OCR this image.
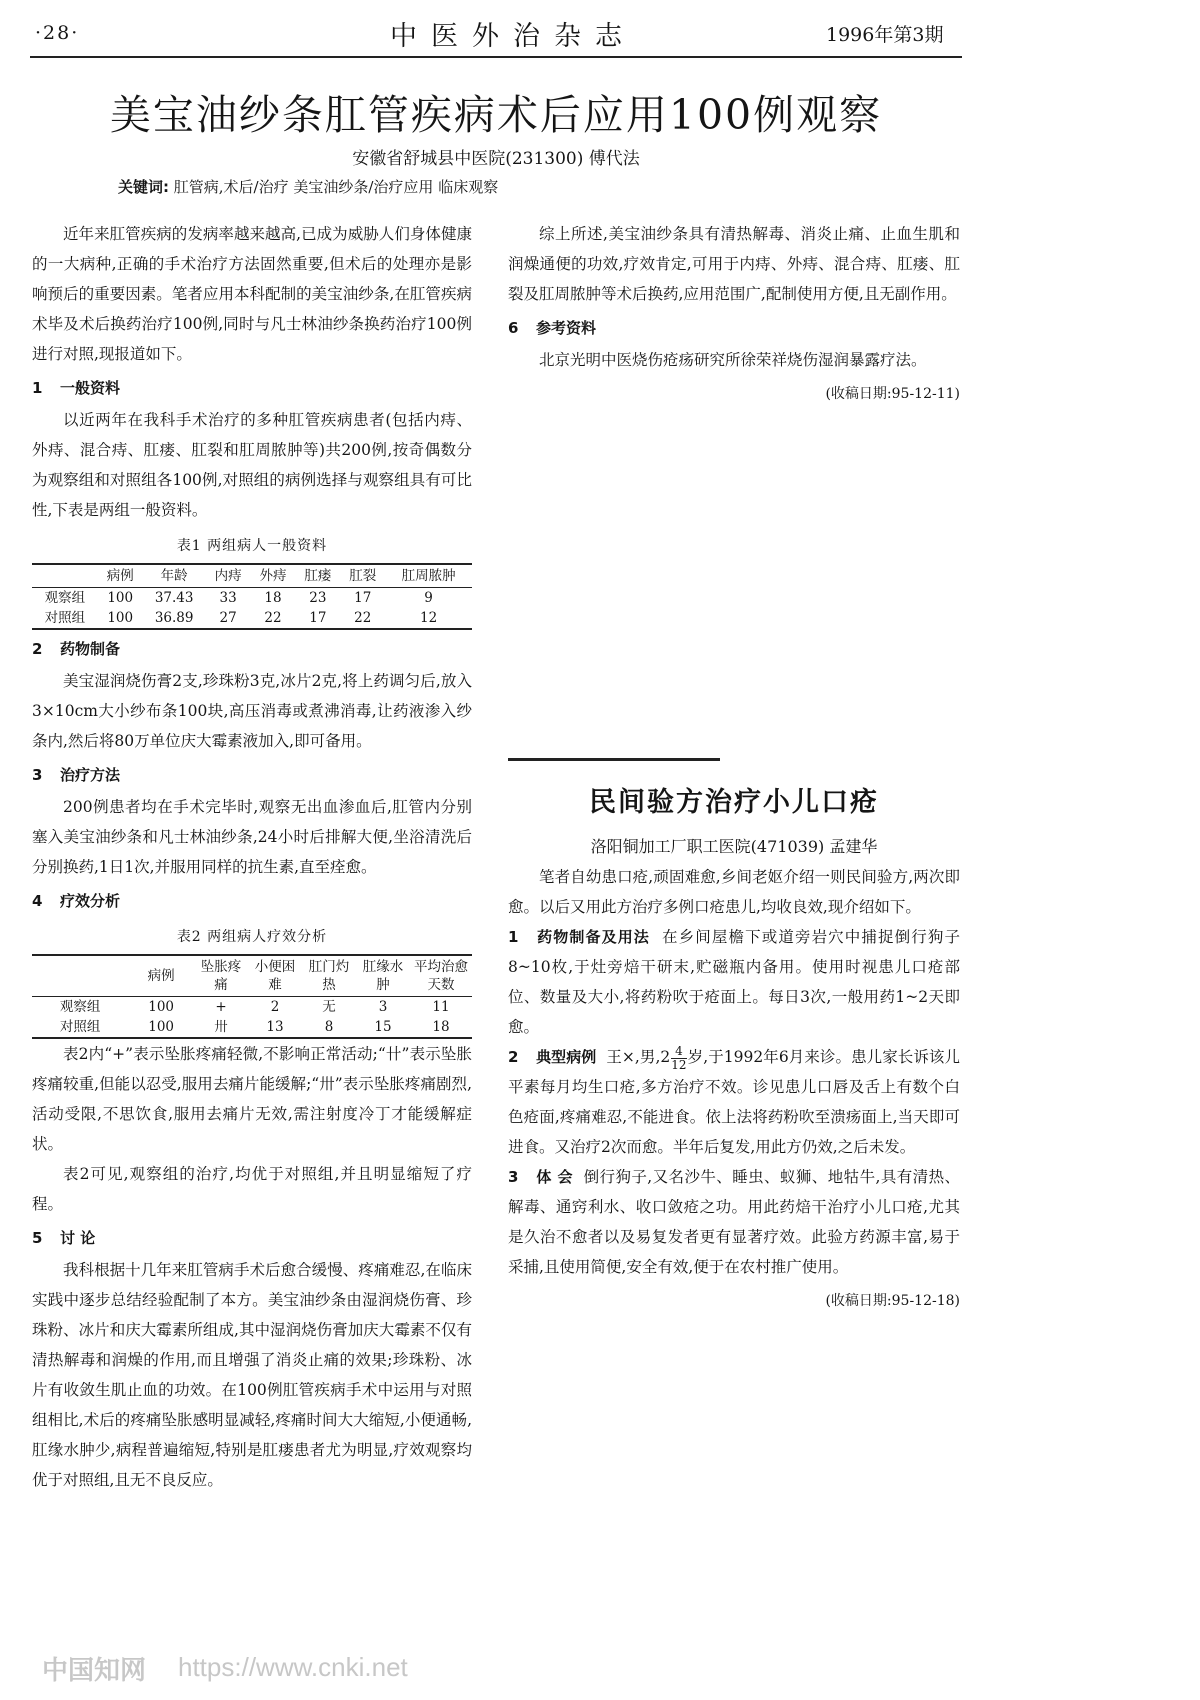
·28·	中医外治杂志	1996年第3期
美宝油纱条肛管疾病术后应用100例观察
安徽省舒城县中医院(231300) 傅代法
关键词: 肛管病,术后/治疗 美宝油纱条/治疗应用 临床观察

近年来肛管疾病的发病率越来越高,已成为威胁人们身体健康的一大病种,正确的手术治疗方法固然重要,但术后的处理亦是影响预后的重要因素。笔者应用本科配制的美宝油纱条,在肛管疾病术毕及术后换药治疗100例,同时与凡士林油纱条换药治疗100例进行对照,现报道如下。

1 一般资料

以近两年在我科手术治疗的多种肛管疾病患者(包括内痔、外痔、混合痔、肛瘘、肛裂和肛周脓肿等)共200例,按奇偶数分为观察组和对照组各100例,对照组的病例选择与观察组具有可比性,下表是两组一般资料。

表1 两组病人一般资料
	病例	年龄	内痔	外痔	肛瘘	肛裂	肛周脓肿
观察组	100	37.43	33	18	23	17	9
对照组	100	36.89	27	22	17	22	12
2 药物制备

美宝湿润烧伤膏2支,珍珠粉3克,冰片2克,将上药调匀后,放入3×10cm大小纱布条100块,高压消毒或煮沸消毒,让药液渗入纱条内,然后将80万单位庆大霉素液加入,即可备用。

3 治疗方法

200例患者均在手术完毕时,观察无出血渗血后,肛管内分别塞入美宝油纱条和凡士林油纱条,24小时后排解大便,坐浴清洗后分别换药,1日1次,并服用同样的抗生素,直至痊愈。

4 疗效分析
表2 两组病人疗效分析
	病例	坠胀疼痛	小便困难	肛门灼热	肛缘水肿	平均治愈天数
观察组	100	+	2	无	3	11
对照组	100	卅	13	8	15	18

表2内“+”表示坠胀疼痛轻微,不影响正常活动;“卄”表示坠胀疼痛较重,但能以忍受,服用去痛片能缓解;“卅”表示坠胀疼痛剧烈,活动受限,不思饮食,服用去痛片无效,需注射度冷丁才能缓解症状。

表2可见,观察组的治疗,均优于对照组,并且明显缩短了疗程。

5 讨 论

我科根据十几年来肛管病手术后愈合缓慢、疼痛难忍,在临床实践中逐步总结经验配制了本方。美宝油纱条由湿润烧伤膏、珍珠粉、冰片和庆大霉素所组成,其中湿润烧伤膏加庆大霉素不仅有清热解毒和润燥的作用,而且增强了消炎止痛的效果;珍珠粉、冰片有收敛生肌止血的功效。在100例肛管疾病手术中运用与对照组相比,术后的疼痛坠胀感明显减轻,疼痛时间大大缩短,小便通畅,肛缘水肿少,病程普遍缩短,特别是肛瘘患者尤为明显,疗效观察均优于对照组,且无不良反应。

综上所述,美宝油纱条具有清热解毒、消炎止痛、止血生肌和润燥通便的功效,疗效肯定,可用于内痔、外痔、混合痔、肛瘘、肛裂及肛周脓肿等术后换药,应用范围广,配制使用方便,且无副作用。

6 参考资料

北京光明中医烧伤疮疡研究所徐荣祥烧伤湿润暴露疗法。

(收稿日期:95-12-11)
民间验方治疗小儿口疮
洛阳铜加工厂职工医院(471039) 孟建华

笔者自幼患口疮,顽固难愈,乡间老妪介绍一则民间验方,两次即愈。以后又用此方治疗多例口疮患儿,均收良效,现介绍如下。

1 药物制备及用法 在乡间屋檐下或道旁岩穴中捕捉倒行狗子8~10枚,于灶旁焙干研末,贮磁瓶内备用。使用时视患儿口疮部位、数量及大小,将药粉吹于疮面上。每日3次,一般用药1~2天即愈。

2 典型病例 王×,男$,2 \frac{4}{12}$ 岁,于1992年6月来诊。患儿家长诉该儿平素每月均生口疮,多方治疗不效。诊见患儿口唇及舌上有数个白色疮面,疼痛难忍,不能进食。依上法将药粉吹至溃疡面上,当天即可进食。又治疗2次而愈。半年后复发,用此方仍效,之后未发。

3 体 会 倒行狗子,又名沙牛、睡虫、蚁狮、地牯牛,具有清热、解毒、通窍利水、收口敛疮之功。用此药焙干治疗小儿口疮,尤其是久治不愈者以及易复发者更有显著疗效。此验方药源丰富,易于采捕,且使用简便,安全有效,便于在农村推广使用。

(收稿日期:95-12-18)
中国知网 https://www.cnki.net
